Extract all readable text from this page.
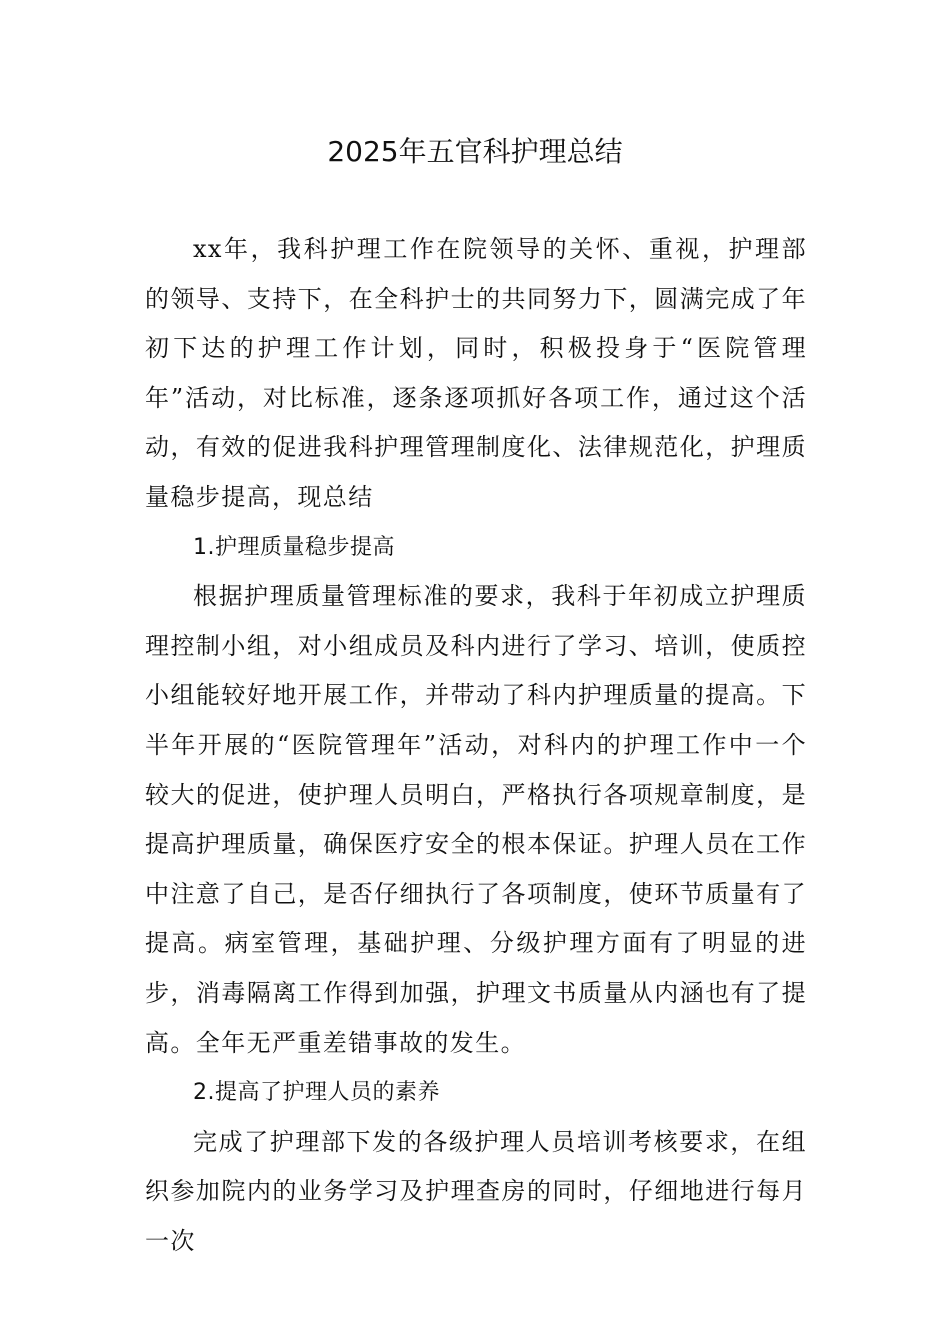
2025年五官科护理总结

xx年，我科护理工作在院领导的关怀、重视，护理部的领导、支持下，在全科护士的共同努力下，圆满完成了年初下达的护理工作计划，同时，积极投身于“医院管理年”活动，对比标准，逐条逐项抓好各项工作，通过这个活动，有效的促进我科护理管理制度化、法律规范化，护理质量稳步提高，现总结

1.护理质量稳步提高

根据护理质量管理标准的要求，我科于年初成立护理质理控制小组，对小组成员及科内进行了学习、培训，使质控小组能较好地开展工作，并带动了科内护理质量的提高。下半年开展的“医院管理年”活动，对科内的护理工作中一个较大的促进，使护理人员明白，严格执行各项规章制度，是提高护理质量，确保医疗安全的根本保证。护理人员在工作中注意了自己，是否仔细执行了各项制度，使环节质量有了提高。病室管理，基础护理、分级护理方面有了明显的进步，消毒隔离工作得到加强，护理文书质量从内涵也有了提高。全年无严重差错事故的发生。

2.提高了护理人员的素养

完成了护理部下发的各级护理人员培训考核要求，在组织参加院内的业务学习及护理查房的同时，仔细地进行每月一次
